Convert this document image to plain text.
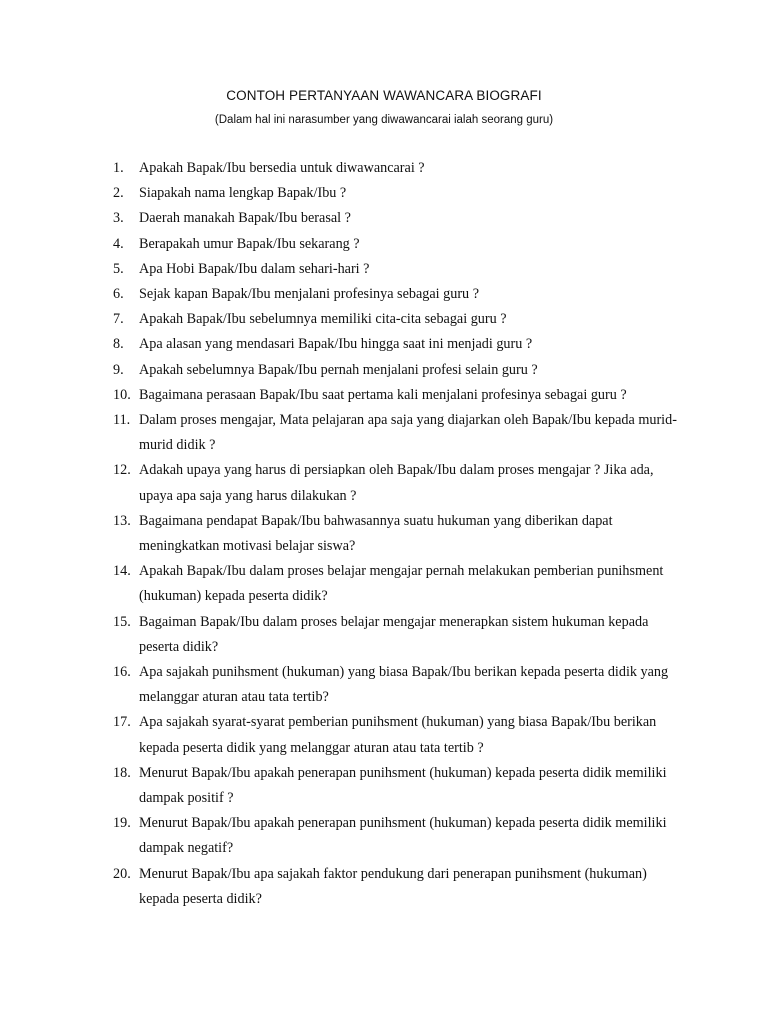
CONTOH PERTANYAAN WAWANCARA BIOGRAFI
(Dalam hal ini narasumber yang diwawancarai ialah seorang guru)
1.	Apakah Bapak/Ibu bersedia untuk diwawancarai ?
2.	Siapakah nama lengkap Bapak/Ibu ?
3.	Daerah manakah Bapak/Ibu berasal ?
4.	Berapakah umur Bapak/Ibu sekarang ?
5.	Apa Hobi Bapak/Ibu dalam sehari-hari ?
6.	Sejak kapan Bapak/Ibu menjalani profesinya sebagai guru ?
7.	Apakah Bapak/Ibu sebelumnya memiliki cita-cita sebagai guru ?
8.	Apa alasan yang mendasari Bapak/Ibu hingga saat ini menjadi guru ?
9.	Apakah sebelumnya Bapak/Ibu pernah menjalani profesi selain guru ?
10. Bagaimana perasaan Bapak/Ibu saat pertama kali menjalani profesinya sebagai guru ?
11. Dalam proses mengajar, Mata pelajaran apa saja yang diajarkan oleh Bapak/Ibu kepada murid-murid didik ?
12. Adakah upaya yang harus di persiapkan oleh Bapak/Ibu dalam proses mengajar ? Jika ada, upaya apa saja yang harus dilakukan ?
13. Bagaimana pendapat Bapak/Ibu bahwasannya suatu hukuman yang diberikan dapat meningkatkan motivasi belajar siswa?
14. Apakah Bapak/Ibu dalam proses belajar mengajar pernah melakukan pemberian punihsment (hukuman) kepada peserta didik?
15. Bagaiman Bapak/Ibu dalam proses belajar mengajar menerapkan sistem hukuman kepada peserta didik?
16. Apa sajakah punihsment (hukuman) yang biasa Bapak/Ibu berikan kepada peserta didik yang melanggar aturan atau tata tertib?
17. Apa sajakah syarat-syarat pemberian punihsment (hukuman) yang biasa Bapak/Ibu berikan kepada peserta didik yang melanggar aturan atau tata tertib ?
18. Menurut Bapak/Ibu apakah penerapan punihsment (hukuman) kepada peserta didik memiliki dampak positif ?
19. Menurut Bapak/Ibu apakah penerapan punihsment (hukuman) kepada peserta didik memiliki dampak negatif?
20. Menurut Bapak/Ibu apa sajakah faktor pendukung dari penerapan punihsment (hukuman) kepada peserta didik?
